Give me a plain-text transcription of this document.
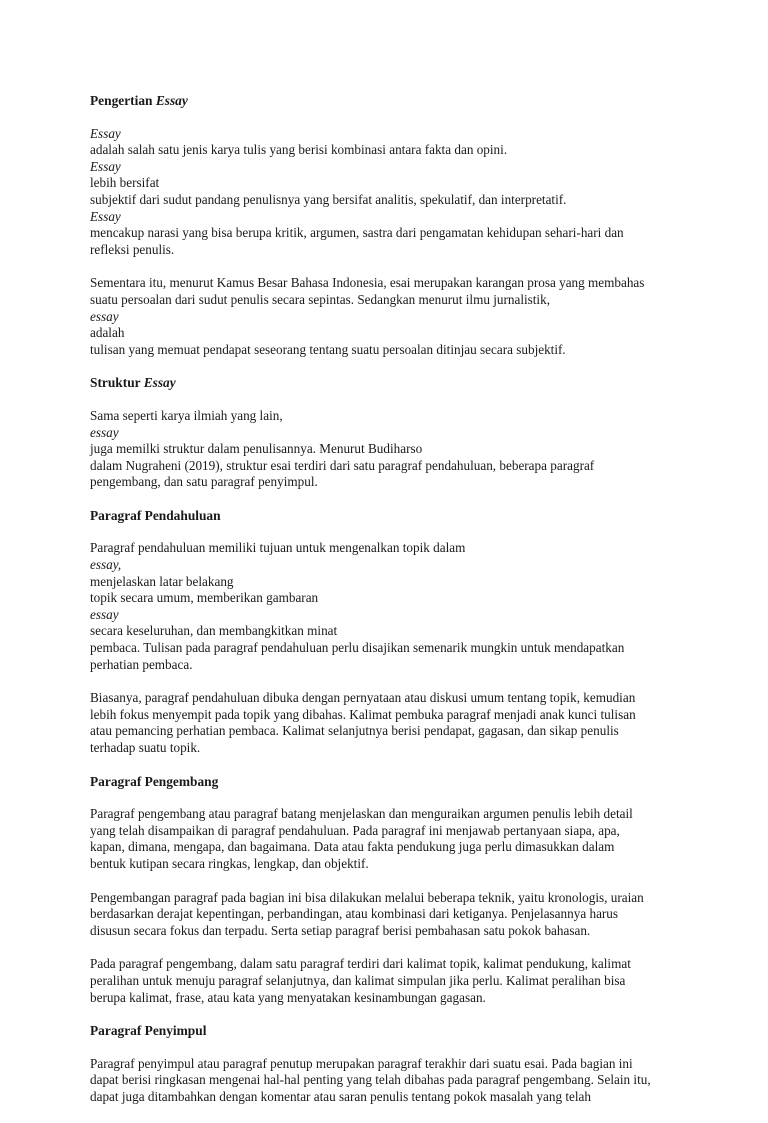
Pengertian Essay

Essay
adalah salah satu jenis karya tulis yang berisi kombinasi antara fakta dan opini.
Essay
lebih bersifat
subjektif dari sudut pandang penulisnya yang bersifat analitis, spekulatif, dan interpretatif.
Essay
mencakup narasi yang bisa berupa kritik, argumen, sastra dari pengamatan kehidupan sehari-hari dan
refleksi penulis.

Sementara itu, menurut Kamus Besar Bahasa Indonesia, esai merupakan karangan prosa yang membahas
suatu persoalan dari sudut penulis secara sepintas. Sedangkan menurut ilmu jurnalistik,
essay
adalah
tulisan yang memuat pendapat seseorang tentang suatu persoalan ditinjau secara subjektif.

Struktur Essay

Sama seperti karya ilmiah yang lain,
essay
juga memilki struktur dalam penulisannya. Menurut Budiharso
dalam Nugraheni (2019), struktur esai terdiri dari satu paragraf pendahuluan, beberapa paragraf
pengembang, dan satu paragraf penyimpul.

Paragraf Pendahuluan

Paragraf pendahuluan memiliki tujuan untuk mengenalkan topik dalam
essay,
menjelaskan latar belakang
topik secara umum, memberikan gambaran
essay
secara keseluruhan, dan membangkitkan minat
pembaca. Tulisan pada paragraf pendahuluan perlu disajikan semenarik mungkin untuk mendapatkan
perhatian pembaca.

Biasanya, paragraf pendahuluan dibuka dengan pernyataan atau diskusi umum tentang topik, kemudian
lebih fokus menyempit pada topik yang dibahas. Kalimat pembuka paragraf menjadi anak kunci tulisan
atau pemancing perhatian pembaca. Kalimat selanjutnya berisi pendapat, gagasan, dan sikap penulis
terhadap suatu topik.

Paragraf Pengembang

Paragraf pengembang atau paragraf batang menjelaskan dan menguraikan argumen penulis lebih detail
yang telah disampaikan di paragraf pendahuluan. Pada paragraf ini menjawab pertanyaan siapa, apa,
kapan, dimana, mengapa, dan bagaimana. Data atau fakta pendukung juga perlu dimasukkan dalam
bentuk kutipan secara ringkas, lengkap, dan objektif.

Pengembangan paragraf pada bagian ini bisa dilakukan melalui beberapa teknik, yaitu kronologis, uraian
berdasarkan derajat kepentingan, perbandingan, atau kombinasi dari ketiganya. Penjelasannya harus
disusun secara fokus dan terpadu. Serta setiap paragraf berisi pembahasan satu pokok bahasan.

Pada paragraf pengembang, dalam satu paragraf terdiri dari kalimat topik, kalimat pendukung, kalimat
peralihan untuk menuju paragraf selanjutnya, dan kalimat simpulan jika perlu. Kalimat peralihan bisa
berupa kalimat, frase, atau kata yang menyatakan kesinambungan gagasan.

Paragraf Penyimpul

Paragraf penyimpul atau paragraf penutup merupakan paragraf terakhir dari suatu esai. Pada bagian ini
dapat berisi ringkasan mengenai hal-hal penting yang telah dibahas pada paragraf pengembang. Selain itu,
dapat juga ditambahkan dengan komentar atau saran penulis tentang pokok masalah yang telah
